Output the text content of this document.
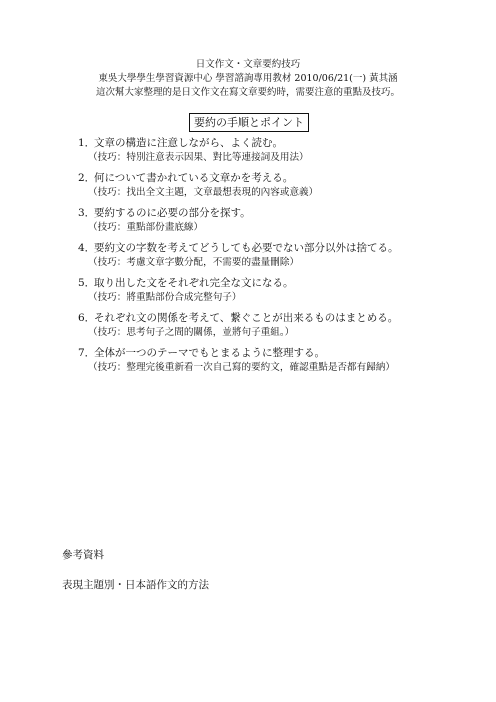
日文作文・文章要約技巧
東吳大學學生學習資源中心 學習諮詢專用教材 2010/06/21(一) 黃其涵
這次幫大家整理的是日文作文在寫文章要約時，需要注意的重點及技巧。
要約の手順とポイント
1．文章の構造に注意しながら、よく読む。
（技巧：特別注意表示因果、對比等連接詞及用法）
2．何について書かれている文章かを考える。
（技巧：找出全文主題，文章最想表現的內容或意義）
3．要約するのに必要の部分を探す。
（技巧：重點部份畫底線）
4．要約文の字数を考えてどうしても必要でない部分以外は捨てる。
（技巧：考慮文章字數分配，不需要的盡量刪除）
5．取り出した文をそれぞれ完全な文になる。
（技巧：將重點部份合成完整句子）
6．それぞれ文の関係を考えて、繋ぐことが出来るものはまとめる。
（技巧：思考句子之間的關係，並將句子重組。）
7．全体が一つのテーマでもとまるように整理する。
（技巧：整理完後重新看一次自己寫的要約文，確認重點是否都有歸納）
參考資料
表現主題別・日本語作文的方法
